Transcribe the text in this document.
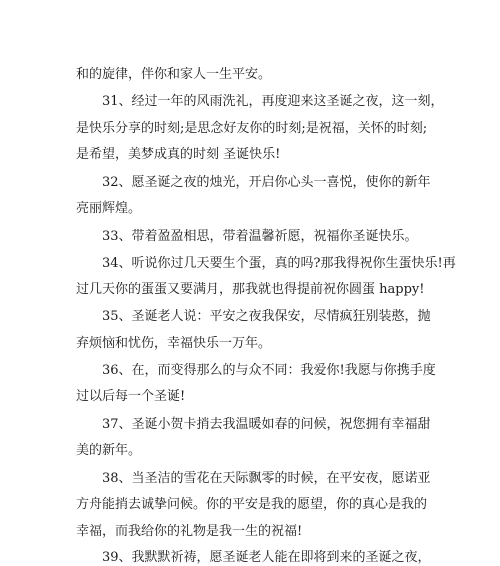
和的旋律，伴你和家人一生平安。
31、经过一年的风雨洗礼，再度迎来这圣诞之夜，这一刻，
是快乐分享的时刻;是思念好友你的时刻;是祝福，关怀的时刻;
是希望，美梦成真的时刻 圣诞快乐!
32、愿圣诞之夜的烛光，开启你心头一喜悦，使你的新年
亮丽辉煌。
33、带着盈盈相思，带着温馨祈愿，祝福你圣诞快乐。
34、听说你过几天要生个蛋，真的吗?那我得祝你生蛋快乐!再
过几天你的蛋蛋又要满月，那我就也得提前祝你圆蛋 happy!
35、圣诞老人说：平安之夜我保安，尽情疯狂别装憨，抛
弃烦恼和忧伤，幸福快乐一万年。
36、在，而变得那么的与众不同：我爱你!我愿与你携手度
过以后每一个圣诞!
37、圣诞小贺卡捎去我温暖如春的问候，祝您拥有幸福甜
美的新年。
38、当圣洁的雪花在天际飘零的时候，在平安夜，愿诺亚
方舟能捎去诚挚问候。你的平安是我的愿望，你的真心是我的
幸福，而我给你的礼物是我一生的祝福!
39、我默默祈祷，愿圣诞老人能在即将到来的圣诞之夜，
